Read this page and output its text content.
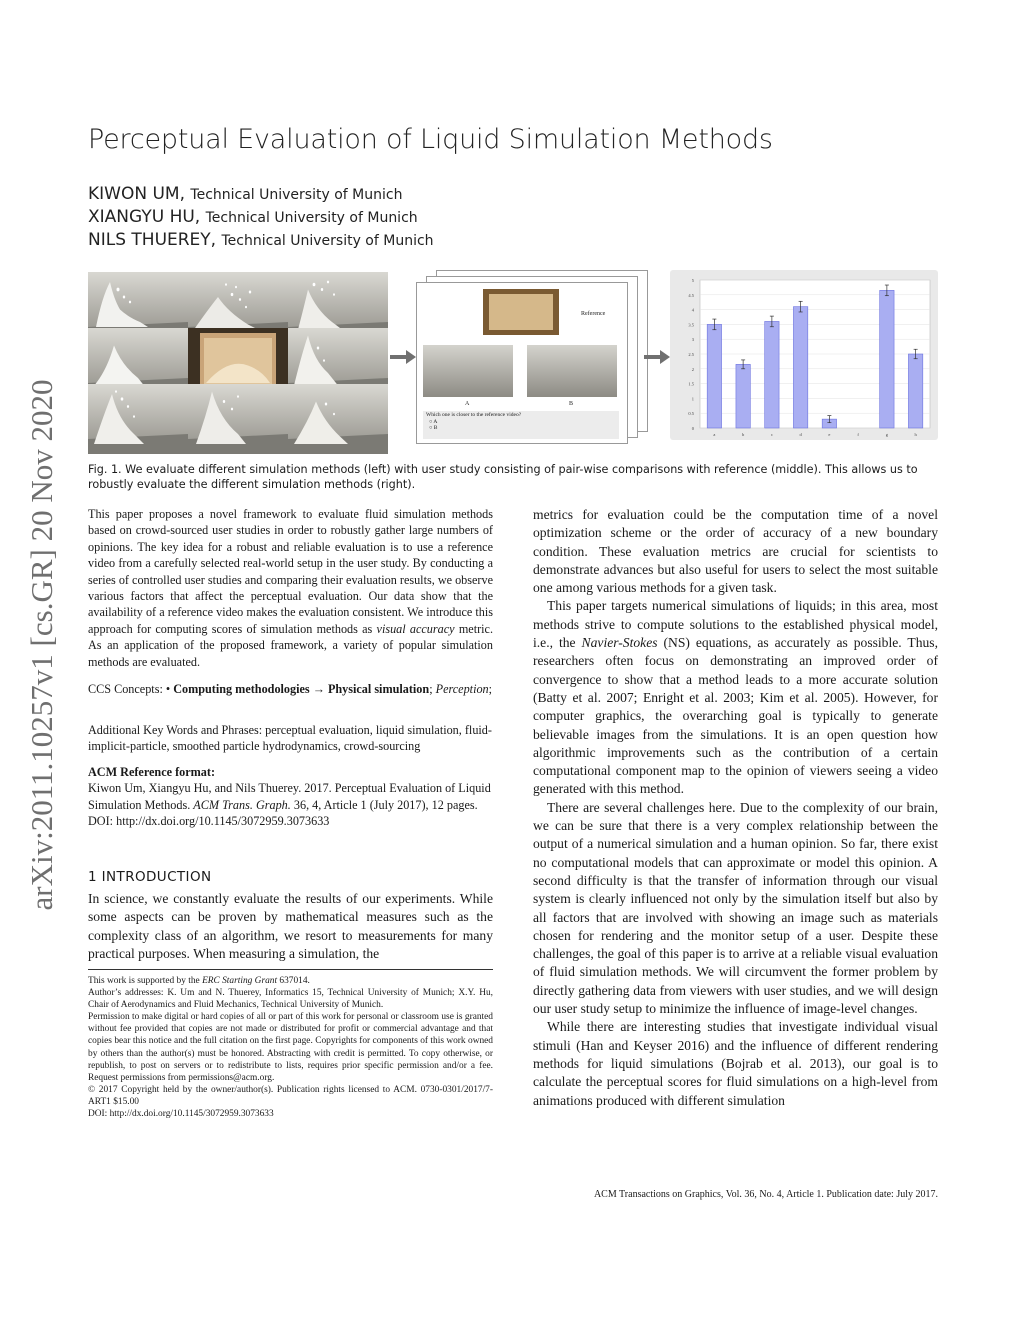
arXiv:2011.10257v1 [cs.GR] 20 Nov 2020
Perceptual Evaluation of Liquid Simulation Methods
KIWON UM, Technical University of Munich
XIANGYU HU, Technical University of Munich
NILS THUEREY, Technical University of Munich
Reference
A	B
Which one is closer to the reference video?
○ A
○ B	0
0.5
1
1.5
2
2.5
3
3.5
4
4.5
5
a	b	c	d	e	f	g	h
Fig. 1. We evaluate different simulation methods (left) with user study consisting of pair-wise comparisons with reference (middle). This allows us to robustly evaluate the different simulation methods (right).
This paper proposes a novel framework to evaluate fluid simulation methods based on crowd-sourced user studies in order to robustly gather large numbers of opinions. The key idea for a robust and reliable evaluation is to use a reference video from a carefully selected real-world setup in the user study. By conducting a series of controlled user studies and comparing their evaluation results, we observe various factors that affect the perceptual evaluation. Our data show that the availability of a reference video makes the evaluation consistent. We introduce this approach for computing scores of simulation methods as visual accuracy metric. As an application of the proposed framework, a variety of popular simulation methods are evaluated.
CCS Concepts: • Computing methodologies → Physical simulation; Perception;
Additional Key Words and Phrases: perceptual evaluation, liquid simulation, fluid-implicit-particle, smoothed particle hydrodynamics, crowd-sourcing
ACM Reference format:
Kiwon Um, Xiangyu Hu, and Nils Thuerey. 2017. Perceptual Evaluation of Liquid Simulation Methods. ACM Trans. Graph. 36, 4, Article 1 (July 2017), 12 pages.
DOI: http://dx.doi.org/10.1145/3072959.3073633
1 INTRODUCTION
In science, we constantly evaluate the results of our experiments. While some aspects can be proven by mathematical measures such as the complexity class of an algorithm, we resort to measurements for many practical purposes. When measuring a simulation, the

This work is supported by the ERC Starting Grant 637014.

Author’s addresses: K. Um and N. Thuerey, Informatics 15, Technical University of Munich; X.Y. Hu, Chair of Aerodynamics and Fluid Mechanics, Technical University of Munich.

Permission to make digital or hard copies of all or part of this work for personal or classroom use is granted without fee provided that copies are not made or distributed for profit or commercial advantage and that copies bear this notice and the full citation on the first page. Copyrights for components of this work owned by others than the author(s) must be honored. Abstracting with credit is permitted. To copy otherwise, or republish, to post on servers or to redistribute to lists, requires prior specific permission and/or a fee. Request permissions from permissions@acm.org.

© 2017 Copyright held by the owner/author(s). Publication rights licensed to ACM. 0730-0301/2017/7-ART1 $15.00

DOI: http://dx.doi.org/10.1145/3072959.3073633

metrics for evaluation could be the computation time of a novel optimization scheme or the order of accuracy of a new boundary condition. These evaluation metrics are crucial for scientists to demonstrate advances but also useful for users to select the most suitable one among various methods for a given task.

This paper targets numerical simulations of liquids; in this area, most methods strive to compute solutions to the established physical model, i.e., the Navier-Stokes (NS) equations, as accurately as possible. Thus, researchers often focus on demonstrating an improved order of convergence to show that a method leads to a more accurate solution (Batty et al. 2007; Enright et al. 2003; Kim et al. 2005). However, for computer graphics, the overarching goal is typically to generate believable images from the simulations. It is an open question how algorithmic improvements such as the contribution of a certain computational component map to the opinion of viewers seeing a video generated with this method.

There are several challenges here. Due to the complexity of our brain, we can be sure that there is a very complex relationship between the output of a numerical simulation and a human opinion. So far, there exist no computational models that can approximate or model this opinion. A second difficulty is that the transfer of information through our visual system is clearly influenced not only by the simulation itself but also by all factors that are involved with showing an image such as materials chosen for rendering and the monitor setup of a user. Despite these challenges, the goal of this paper is to arrive at a reliable visual evaluation of fluid simulation methods. We will circumvent the former problem by directly gathering data from viewers with user studies, and we will design our user study setup to minimize the influence of image-level changes.

While there are interesting studies that investigate individual visual stimuli (Han and Keyser 2016) and the influence of different rendering methods for liquid simulations (Bojrab et al. 2013), our goal is to calculate the perceptual scores for fluid simulations on a high-level from animations produced with different simulation

ACM Transactions on Graphics, Vol. 36, No. 4, Article 1. Publication date: July 2017.
